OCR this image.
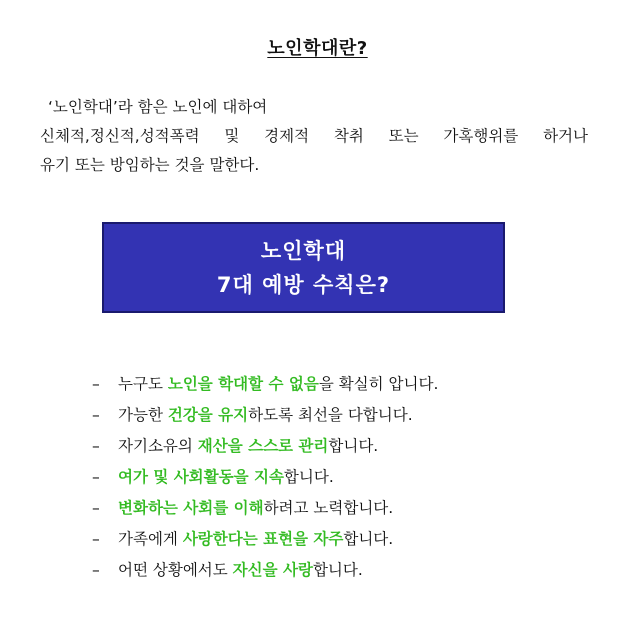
노인학대란?
‘노인학대’라 함은 노인에 대하여
신체적,정신적,성적폭력 및 경제적 착취 또는 가혹행위를 하거나
유기 또는 방임하는 것을 말한다.
노인학대
7대 예방 수칙은?
– 누구도 노인을 학대할 수 없음을 확실히 압니다.
– 가능한 건강을 유지하도록 최선을 다합니다.
– 자기소유의 재산을 스스로 관리합니다.
– 여가 및 사회활동을 지속합니다.
– 변화하는 사회를 이해하려고 노력합니다.
– 가족에게 사랑한다는 표현을 자주합니다.
– 어떤 상황에서도 자신을 사랑합니다.
